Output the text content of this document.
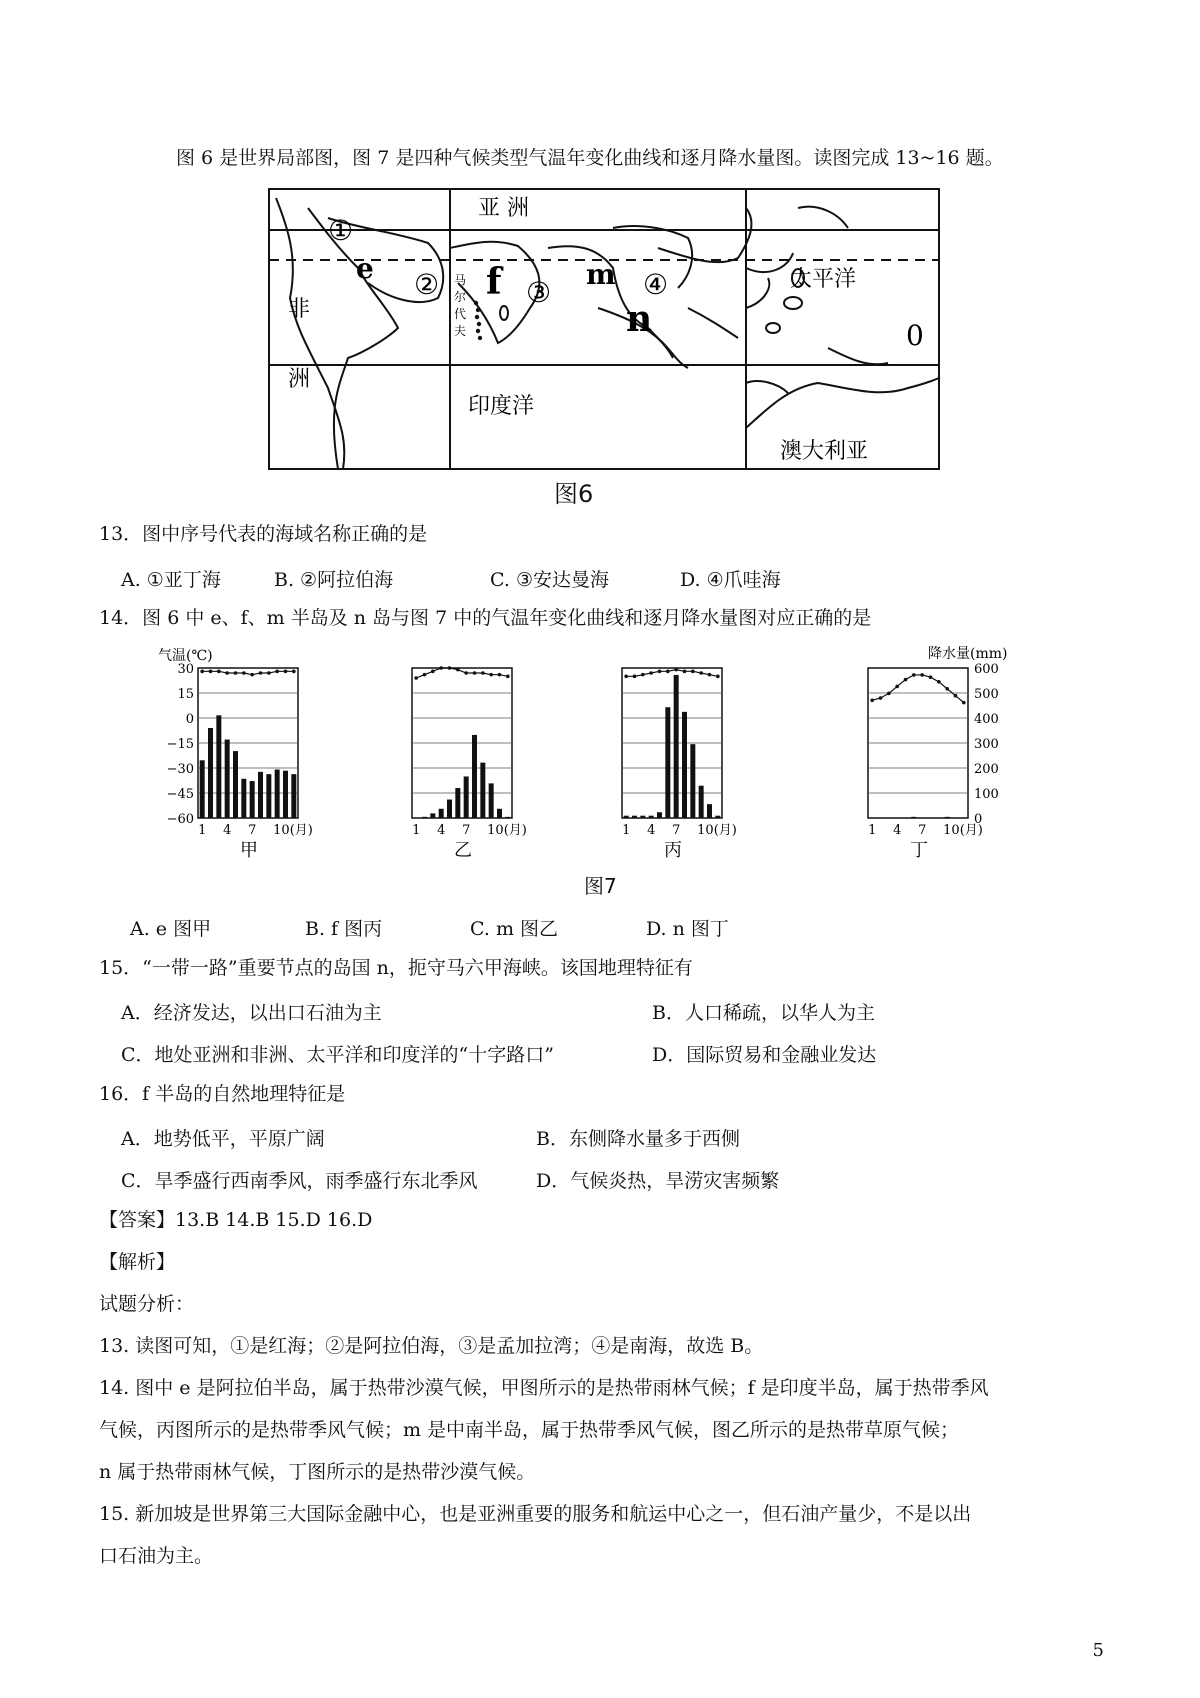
图 6 是世界局部图，图 7 是四种气候类型气温年变化曲线和逐月降水量图。读图完成 13~16 题。
亚 洲
①
e
非
洲
② 马
尔
代
夫
f ③
m ④
n
太平洋
印度洋
0
澳大利亚
图6
13．图中序号代表的海域名称正确的是
A. ①亚丁海	B. ②阿拉伯海	C. ③安达曼海	D. ④爪哇海
14．图 6 中 e、f、m 半岛及 n 岛与图 7 中的气温年变化曲线和逐月降水量图对应正确的是
1 4 7 10(月)
甲
气温(℃)
30
15
0
−15
−30
−45
−60
1 4 7 10(月)
乙
1 4 7 10(月)
丙
1 4 7 10(月)
丁
降水量(mm)
600
500
400
300
200
100
0
图7
A. e 图甲	B. f 图丙	C. m 图乙	D. n 图丁
15．“一带一路”重要节点的岛国 n，扼守马六甲海峡。该国地理特征有
A．经济发达，以出口石油为主	B．人口稀疏，以华人为主
C．地处亚洲和非洲、太平洋和印度洋的“十字路口”	D．国际贸易和金融业发达
16．f 半岛的自然地理特征是
A．地势低平，平原广阔	B．东侧降水量多于西侧
C．旱季盛行西南季风，雨季盛行东北季风	D．气候炎热，旱涝灾害频繁
【答案】13.B 14.B 15.D 16.D
【解析】
试题分析：
13. 读图可知，①是红海；②是阿拉伯海，③是孟加拉湾；④是南海，故选 B。
14. 图中 e 是阿拉伯半岛，属于热带沙漠气候，甲图所示的是热带雨林气候；f 是印度半岛，属于热带季风
气候，丙图所示的是热带季风气候；m 是中南半岛，属于热带季风气候，图乙所示的是热带草原气候；
n 属于热带雨林气候，丁图所示的是热带沙漠气候。
15. 新加坡是世界第三大国际金融中心，也是亚洲重要的服务和航运中心之一，但石油产量少，不是以出
口石油为主。
5
